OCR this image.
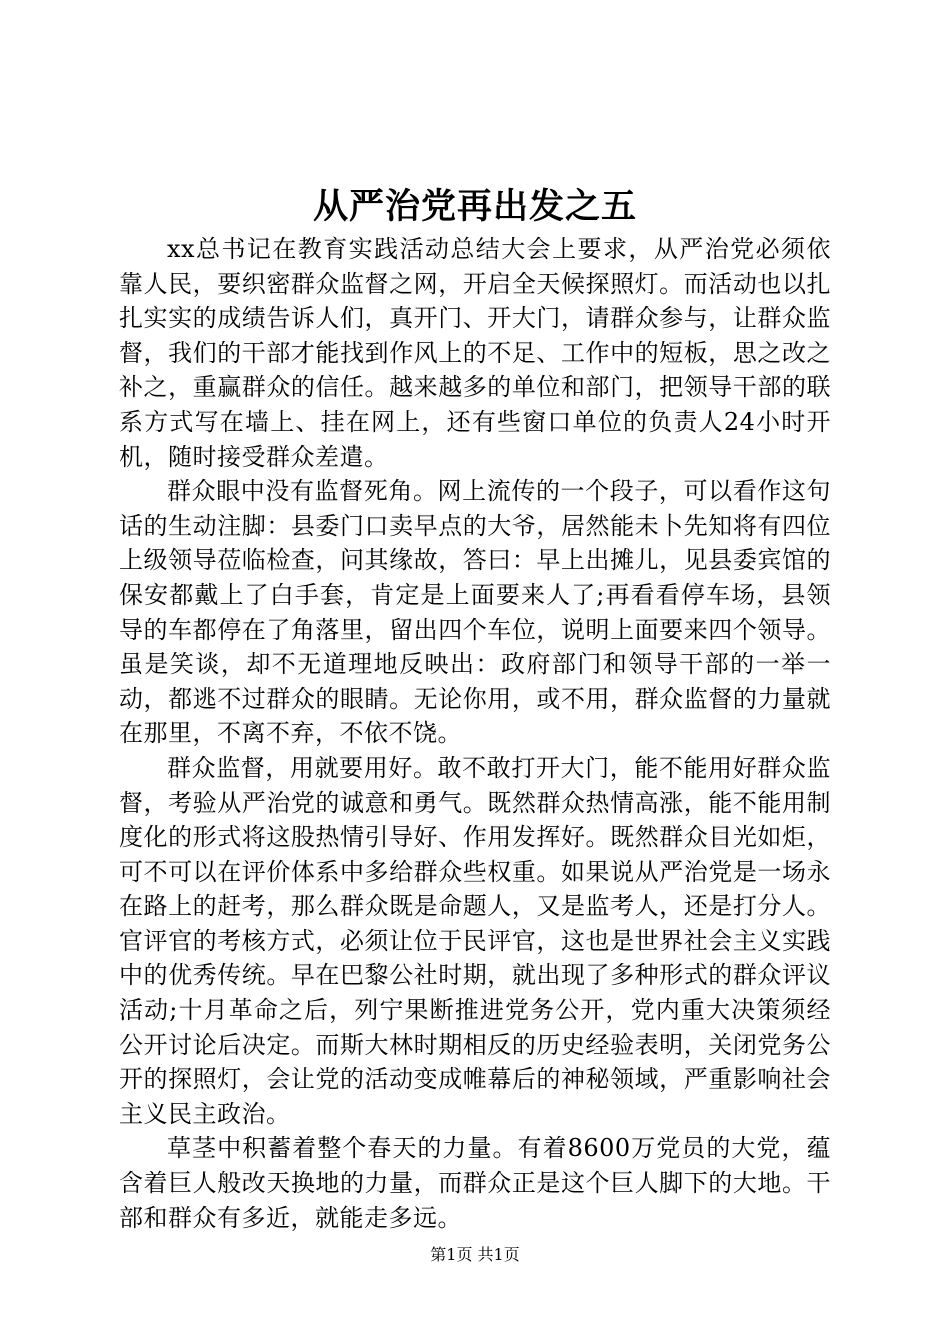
从严治党再出发之五

xx总书记在教育实践活动总结大会上要求，从严治党必须依靠人民，要织密群众监督之网，开启全天候探照灯。而活动也以扎扎实实的成绩告诉人们，真开门、开大门，请群众参与，让群众监督，我们的干部才能找到作风上的不足、工作中的短板，思之改之补之，重赢群众的信任。越来越多的单位和部门，把领导干部的联系方式写在墙上、挂在网上，还有些窗口单位的负责人24小时开机，随时接受群众差遣。

群众眼中没有监督死角。网上流传的一个段子，可以看作这句话的生动注脚：县委门口卖早点的大爷，居然能未卜先知将有四位上级领导莅临检查，问其缘故，答曰：早上出摊儿，见县委宾馆的保安都戴上了白手套，肯定是上面要来人了;再看看停车场，县领导的车都停在了角落里，留出四个车位，说明上面要来四个领导。虽是笑谈，却不无道理地反映出：政府部门和领导干部的一举一动，都逃不过群众的眼睛。无论你用，或不用，群众监督的力量就在那里，不离不弃，不依不饶。

群众监督，用就要用好。敢不敢打开大门，能不能用好群众监督，考验从严治党的诚意和勇气。既然群众热情高涨，能不能用制度化的形式将这股热情引导好、作用发挥好。既然群众目光如炬，可不可以在评价体系中多给群众些权重。如果说从严治党是一场永在路上的赶考，那么群众既是命题人，又是监考人，还是打分人。官评官的考核方式，必须让位于民评官，这也是世界社会主义实践中的优秀传统。早在巴黎公社时期，就出现了多种形式的群众评议活动;十月革命之后，列宁果断推进党务公开，党内重大决策须经公开讨论后决定。而斯大林时期相反的历史经验表明，关闭党务公开的探照灯，会让党的活动变成帷幕后的神秘领域，严重影响社会主义民主政治。

草茎中积蓄着整个春天的力量。有着8600万党员的大党，蕴含着巨人般改天换地的力量，而群众正是这个巨人脚下的大地。干部和群众有多近，就能走多远。

第1页 共1页
